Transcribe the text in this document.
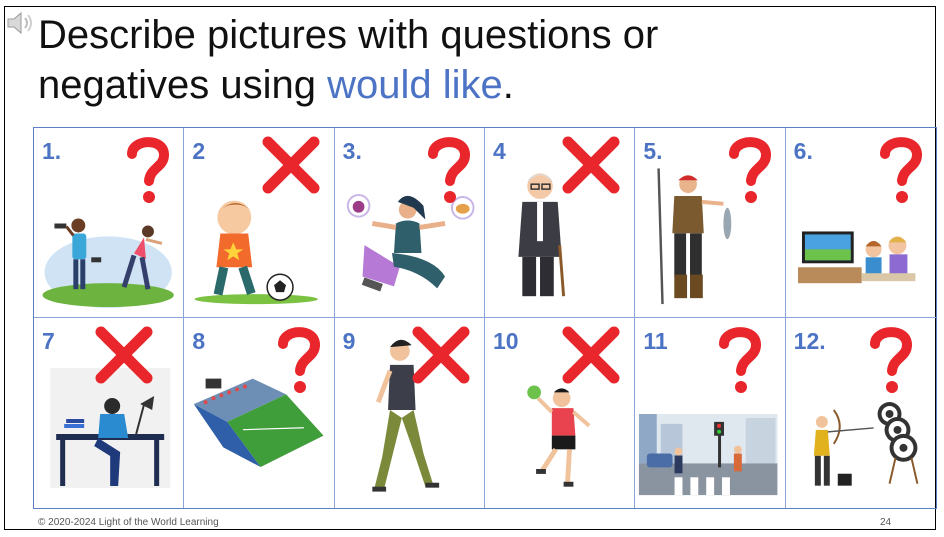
Describe pictures with questions or
negatives using would like.
1.	2	3.	4	5.	6.
7	8	9	10	11	12.
© 2020-2024 Light of the World Learning	24
